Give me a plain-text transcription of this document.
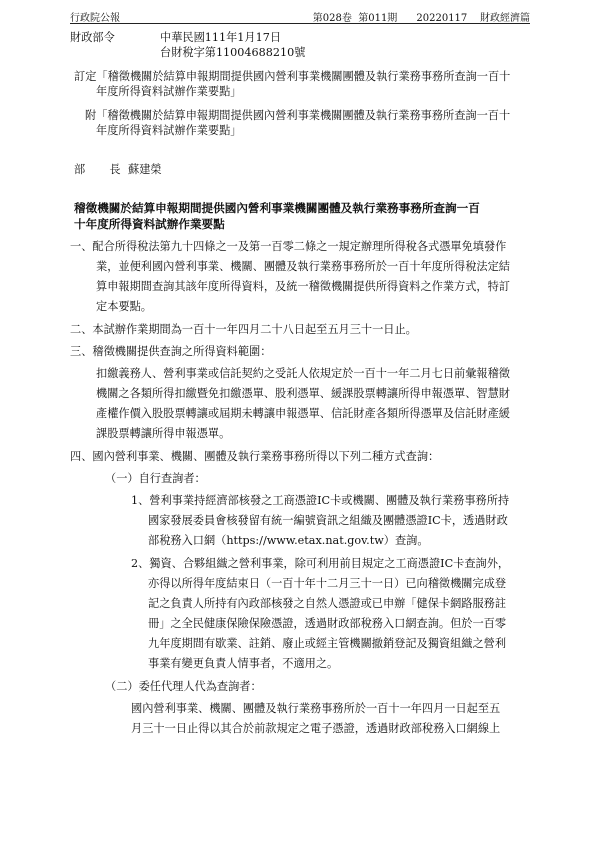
行政院公報	第028卷  第011期      20220117    財政經濟篇
財政部令	中華民國111年1月17日
台財稅字第11004688210號
訂定「稽徵機關於結算申報期間提供國內營利事業機關團體及執行業務事務所查詢一百十
年度所得資料試辦作業要點」
附「稽徵機關於結算申報期間提供國內營利事業機關團體及執行業務事務所查詢一百十
年度所得資料試辦作業要點」
部    長 蘇建榮
稽徵機關於結算申報期間提供國內營利事業機關團體及執行業務事務所查詢一百
十年度所得資料試辦作業要點
一、配合所得稅法第九十四條之一及第一百零二條之一規定辦理所得稅各式憑單免填發作
業，並便利國內營利事業、機關、團體及執行業務事務所於一百十年度所得稅法定結
算申報期間查詢其該年度所得資料，及統一稽徵機關提供所得資料之作業方式，特訂
定本要點。
二、本試辦作業期間為一百十一年四月二十八日起至五月三十一日止。
三、稽徵機關提供查詢之所得資料範圍：
扣繳義務人、營利事業或信託契約之受託人依規定於一百十一年二月七日前彙報稽徵
機關之各類所得扣繳暨免扣繳憑單、股利憑單、緩課股票轉讓所得申報憑單、智慧財
產權作價入股股票轉讓或屆期未轉讓申報憑單、信託財產各類所得憑單及信託財產緩
課股票轉讓所得申報憑單。
四、國內營利事業、機關、團體及執行業務事務所得以下列二種方式查詢：
（一）自行查詢者：
1、營利事業持經濟部核發之工商憑證IC卡或機關、團體及執行業務事務所持
國家發展委員會核發留有統一編號資訊之組織及團體憑證IC卡，透過財政
部稅務入口網（https://www.etax.nat.gov.tw）查詢。
2、獨資、合夥組織之營利事業，除可利用前目規定之工商憑證IC卡查詢外，
亦得以所得年度結束日（一百十年十二月三十一日）已向稽徵機關完成登
記之負責人所持有內政部核發之自然人憑證或已申辦「健保卡網路服務註
冊」之全民健康保險保險憑證，透過財政部稅務入口網查詢。但於一百零
九年度期間有歇業、註銷、廢止或經主管機關撤銷登記及獨資組織之營利
事業有變更負責人情事者，不適用之。
（二）委任代理人代為查詢者：
國內營利事業、機關、團體及執行業務事務所於一百十一年四月一日起至五
月三十一日止得以其合於前款規定之電子憑證，透過財政部稅務入口網線上
